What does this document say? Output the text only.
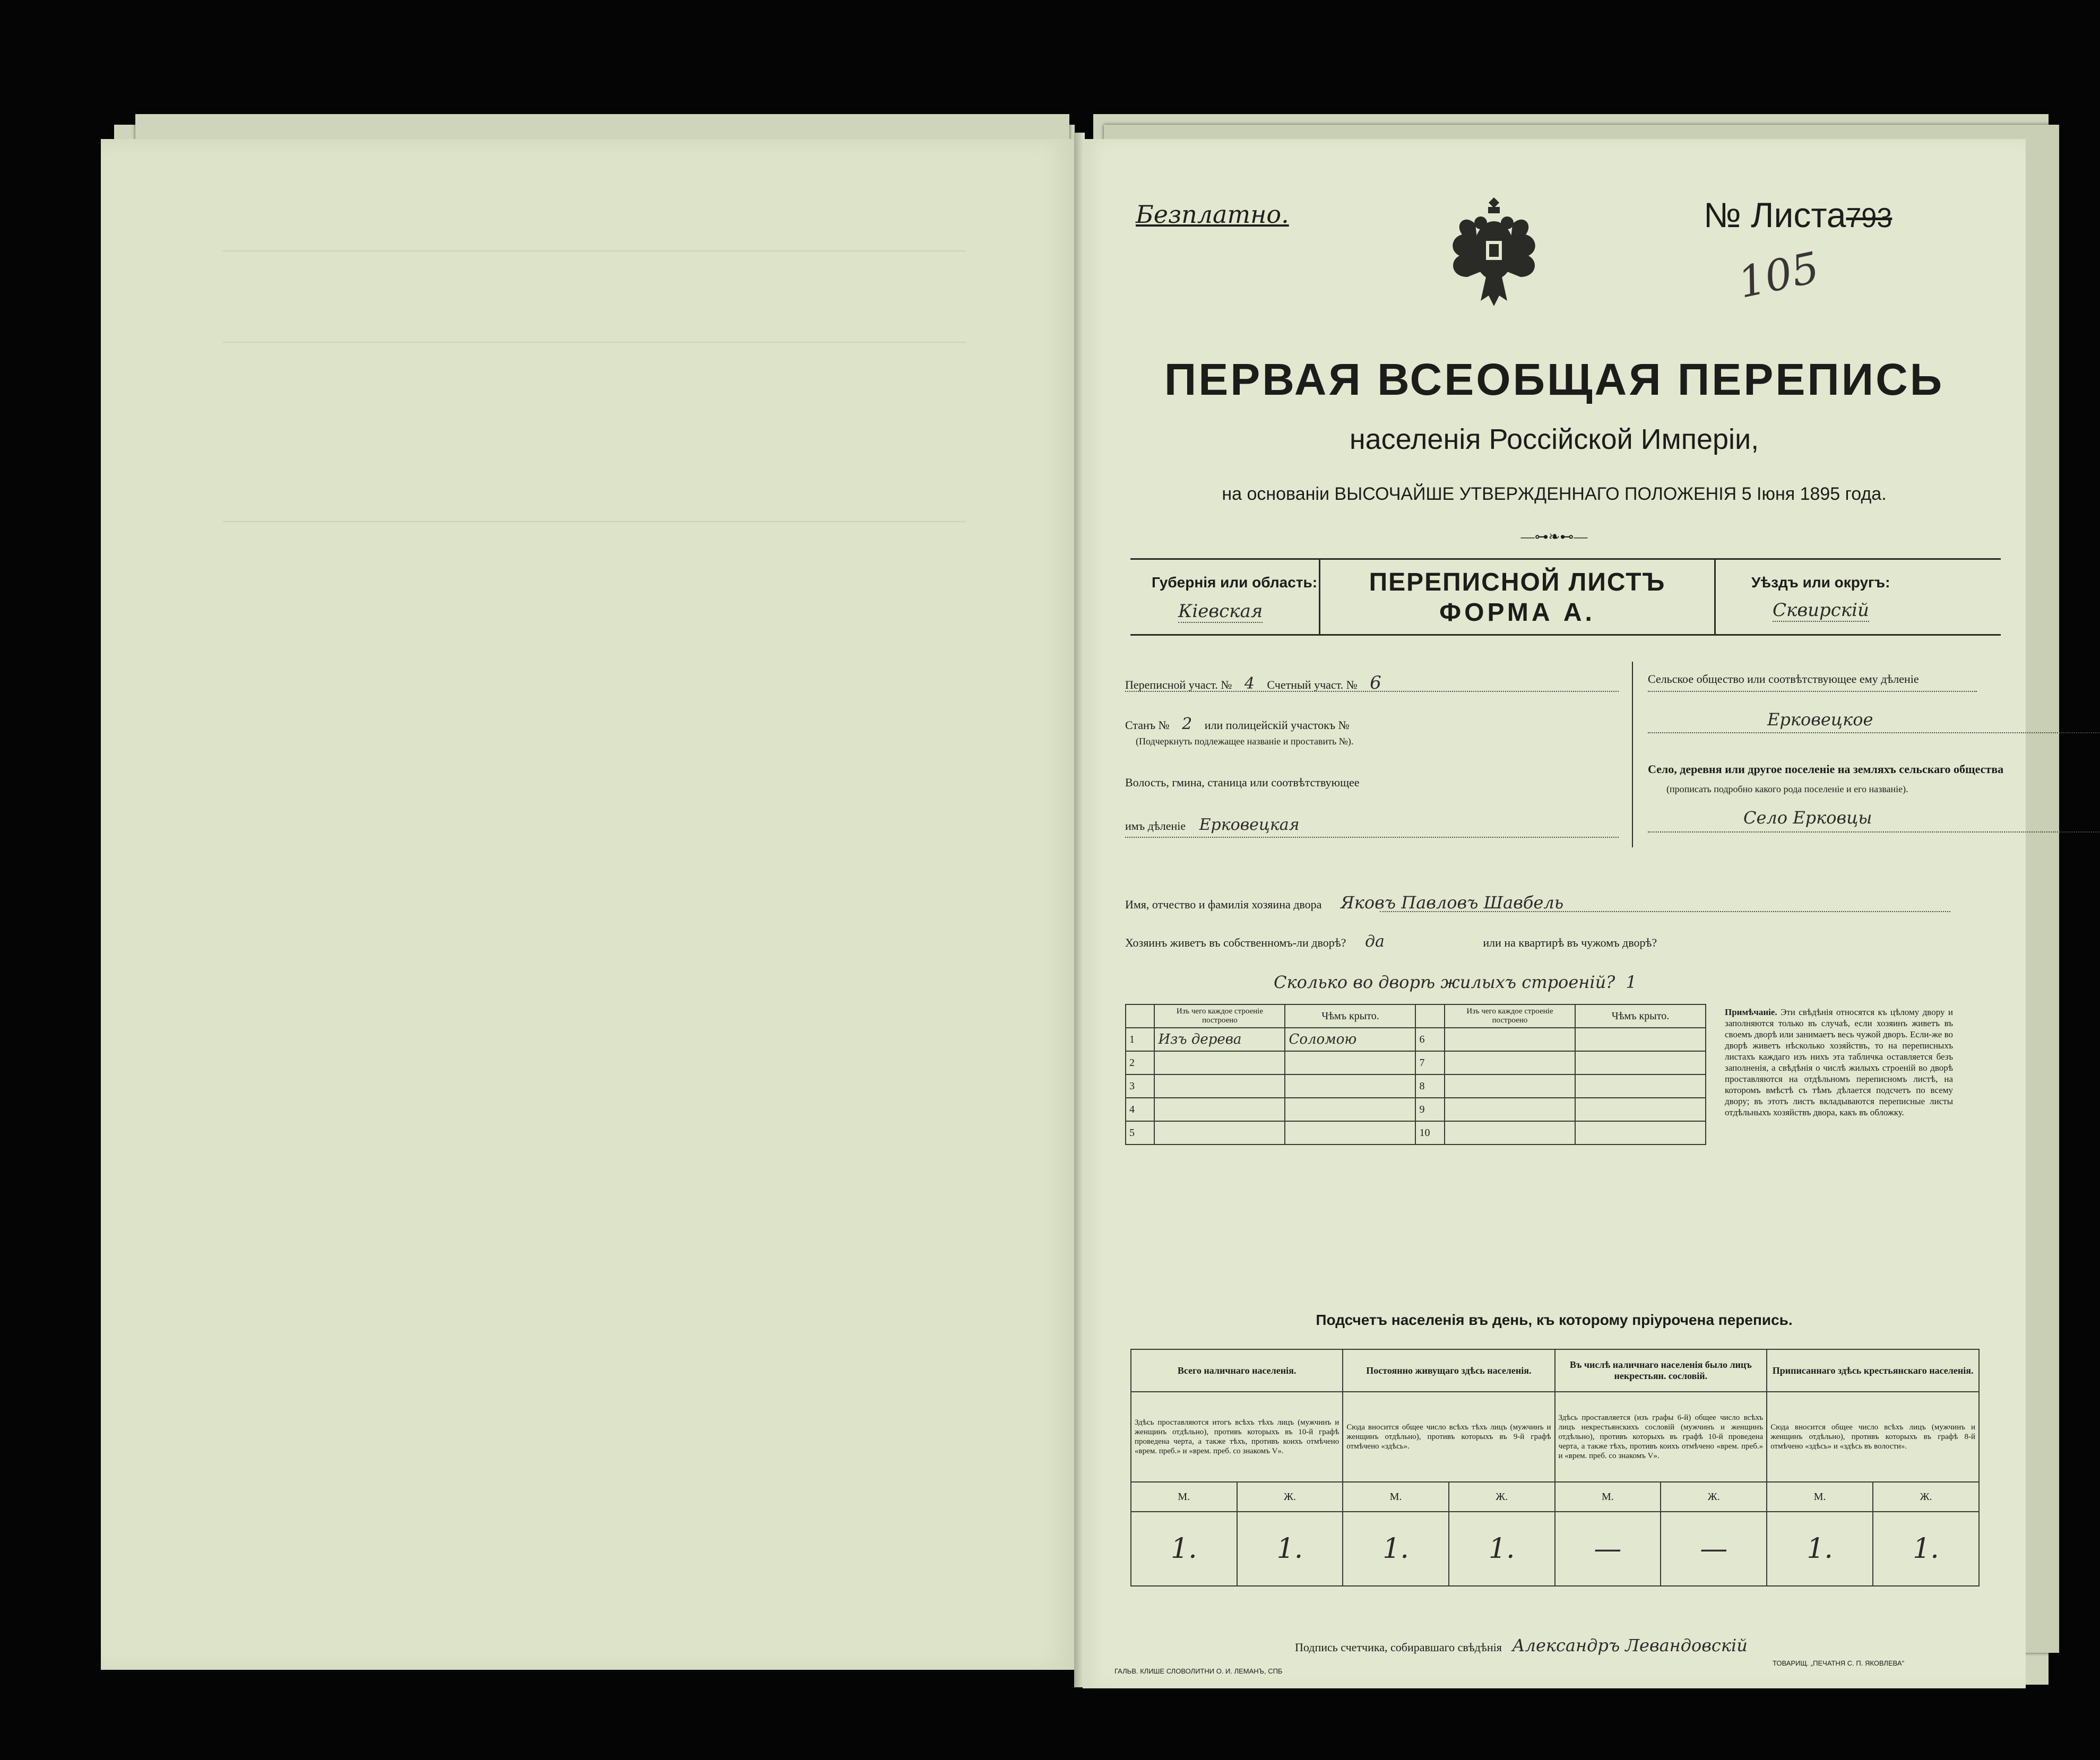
Безплатно.	№ Листа793
105
ПЕРВАЯ ВСЕОБЩАЯ ПЕРЕПИСЬ
населенія Россійской Имперіи,
на основаніи ВЫСОЧАЙШЕ УТВЕРЖДЕННАГО ПОЛОЖЕНІЯ 5 Іюня 1895 года.
—⊶❧⊷—
Губернія или область:
Кіевская
ПЕРЕПИСНОЙ ЛИСТЪ
ФОРМА А.
Уѣздъ или округъ:
Сквирскій
Переписной участ. № 4 Счетный участ. № 6
Станъ № 2 или полицейскій участокъ №
(Подчеркнуть подлежащее названіе и проставить №).
Волость, гмина, станица или соотвѣтствующее
имъ дѣленіе Ерковецкая
Сельское общество или соотвѣтствующее ему дѣленіе
Ерковецкое
Село, деревня или другое поселеніе на земляхъ сельскаго общества
(прописать подробно какого рода поселеніе и его названіе).
Село Ерковцы
Имя, отчество и фамилія хозяина двора Яковъ Павловъ Шавбель
Хозяинъ живетъ въ собственномъ-ли дворѣ? да	или на квартирѣ въ чужомъ дворѣ?
Сколько во дворѣ жилыхъ строеній? 1
	Изъ чего каждое строеніе построено	Чѣмъ крыто.		Изъ чего каждое строеніе построено	Чѣмъ крыто.
1	Изъ дерева	Соломою	6		
2			7		
3			8		
4			9		
5			10		
Примѣчаніе. Эти свѣдѣнія относятся къ цѣлому двору и заполняются только въ случаѣ, если хозяинъ живетъ въ своемъ дворѣ или занимаетъ весь чужой дворъ. Если-же во дворѣ живетъ нѣсколько хозяйствъ, то на переписныхъ листахъ каждаго изъ нихъ эта табличка оставляется безъ заполненія, а свѣдѣнія о числѣ жилыхъ строеній во дворѣ проставляются на отдѣльномъ переписномъ листѣ, на которомъ вмѣстѣ съ тѣмъ дѣлается подсчетъ по всему двору; въ этотъ листъ вкладываются переписные листы отдѣльныхъ хозяйствъ двора, какъ въ обложку.
Подсчетъ населенія въ день, къ которому пріурочена перепись.
Всего наличнаго населенія.		Постоянно живущаго здѣсь населенія.		Въ числѣ наличнаго населенія было лицъ некрестьян. сословій.		Приписаннаго здѣсь крестьянскаго населенія.	
Здѣсь проставляются итогъ всѣхъ тѣхъ лицъ (мужчинъ и женщинъ отдѣльно), противъ которыхъ въ 10-й графѣ проведена черта, а также тѣхъ, противъ коихъ отмѣчено «врем. преб.» и «врем. преб. со знакомъ V».		Сюда вносится общее число всѣхъ тѣхъ лицъ (мужчинъ и женщинъ отдѣльно), противъ которыхъ въ 9-й графѣ отмѣчено «здѣсь».		Здѣсь проставляется (изъ графы 6-й) общее число всѣхъ лицъ некрестьянскихъ сословій (мужчинъ и женщинъ отдѣльно), противъ которыхъ въ графѣ 10-й проведена черта, а также тѣхъ, противъ коихъ отмѣчено «врем. преб.» и «врем. преб. со знакомъ V».		Сюда вносится общее число всѣхъ лицъ (мужчинъ и женщинъ отдѣльно), противъ которыхъ въ графѣ 8-й отмѣчено «здѣсь» и «здѣсь въ волости».	
М.	Ж.	М.	Ж.	М.	Ж.	М.	Ж.
1.	1.	1.	1.	—	—	1.	1.
Подпись счетчика, собиравшаго свѣдѣнія Александръ Левандовскій
ГАЛЬВ. КЛИШЕ СЛОВОЛИТНИ О. И. ЛЕМАНЪ, СПБ
ТОВАРИЩ. „ПЕЧАТНЯ С. П. ЯКОВЛЕВА"
